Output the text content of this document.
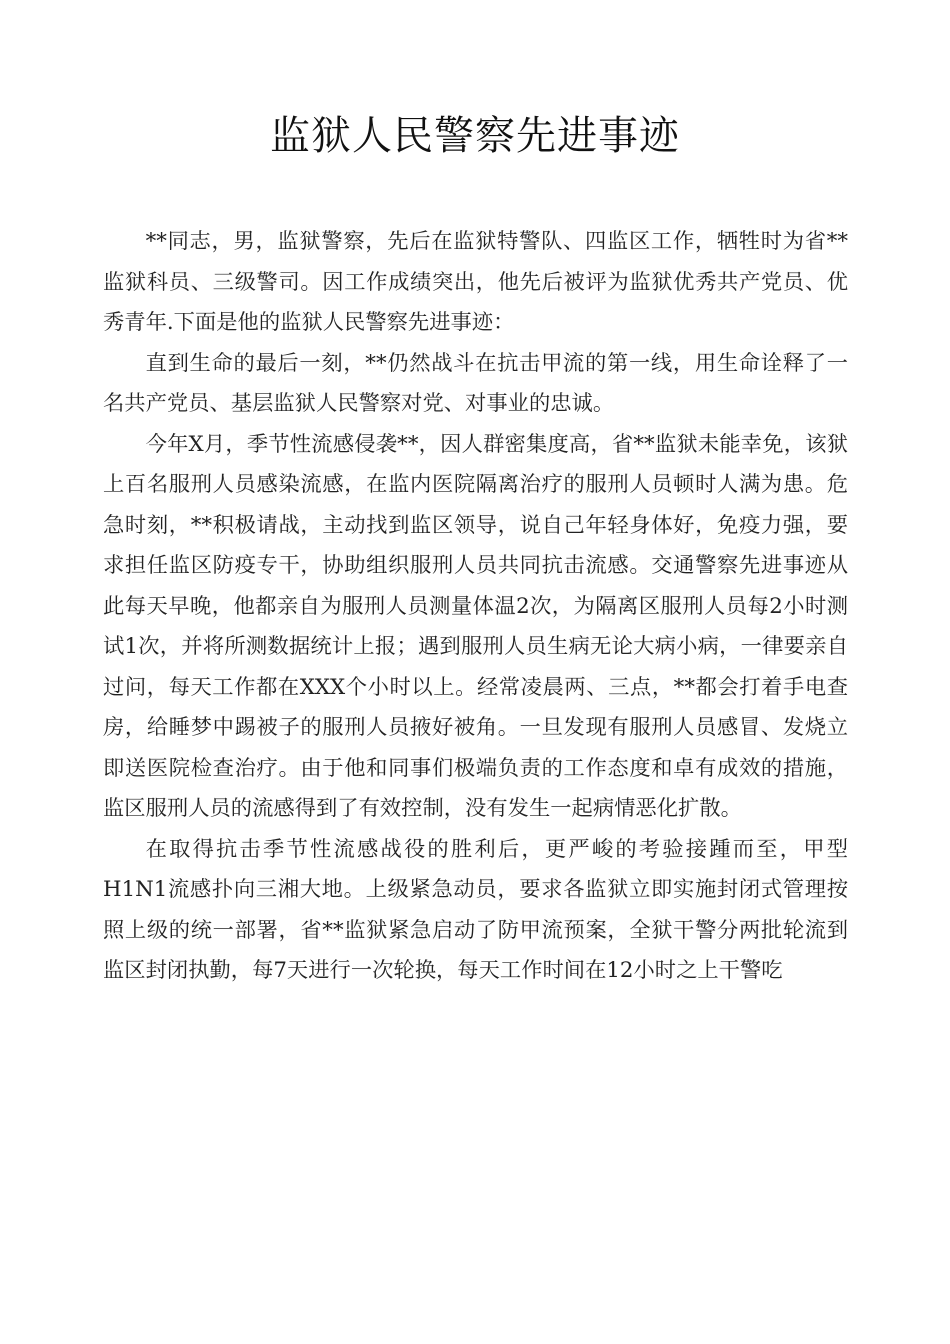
监狱人民警察先进事迹

**同志，男，监狱警察，先后在监狱特警队、四监区工作，牺牲时为省**监狱科员、三级警司。因工作成绩突出，他先后被评为监狱优秀共产党员、优秀青年.下面是他的监狱人民警察先进事迹：

直到生命的最后一刻，**仍然战斗在抗击甲流的第一线，用生命诠释了一名共产党员、基层监狱人民警察对党、对事业的忠诚。

今年X月，季节性流感侵袭**，因人群密集度高，省**监狱未能幸免，该狱上百名服刑人员感染流感，在监内医院隔离治疗的服刑人员顿时人满为患。危急时刻，**积极请战，主动找到监区领导，说自己年轻身体好，免疫力强，要求担任监区防疫专干，协助组织服刑人员共同抗击流感。交通警察先进事迹从此每天早晚，他都亲自为服刑人员测量体温2次，为隔离区服刑人员每2小时测试1次，并将所测数据统计上报；遇到服刑人员生病无论大病小病，一律要亲自过问，每天工作都在XXX个小时以上。经常凌晨两、三点，**都会打着手电查房，给睡梦中踢被子的服刑人员掖好被角。一旦发现有服刑人员感冒、发烧立即送医院检查治疗。由于他和同事们极端负责的工作态度和卓有成效的措施，监区服刑人员的流感得到了有效控制，没有发生一起病情恶化扩散。

在取得抗击季节性流感战役的胜利后，更严峻的考验接踵而至，甲型H1N1流感扑向三湘大地。上级紧急动员，要求各监狱立即实施封闭式管理按照上级的统一部署，省**监狱紧急启动了防甲流预案，全狱干警分两批轮流到监区封闭执勤，每7天进行一次轮换，每天工作时间在12小时之上干警吃
